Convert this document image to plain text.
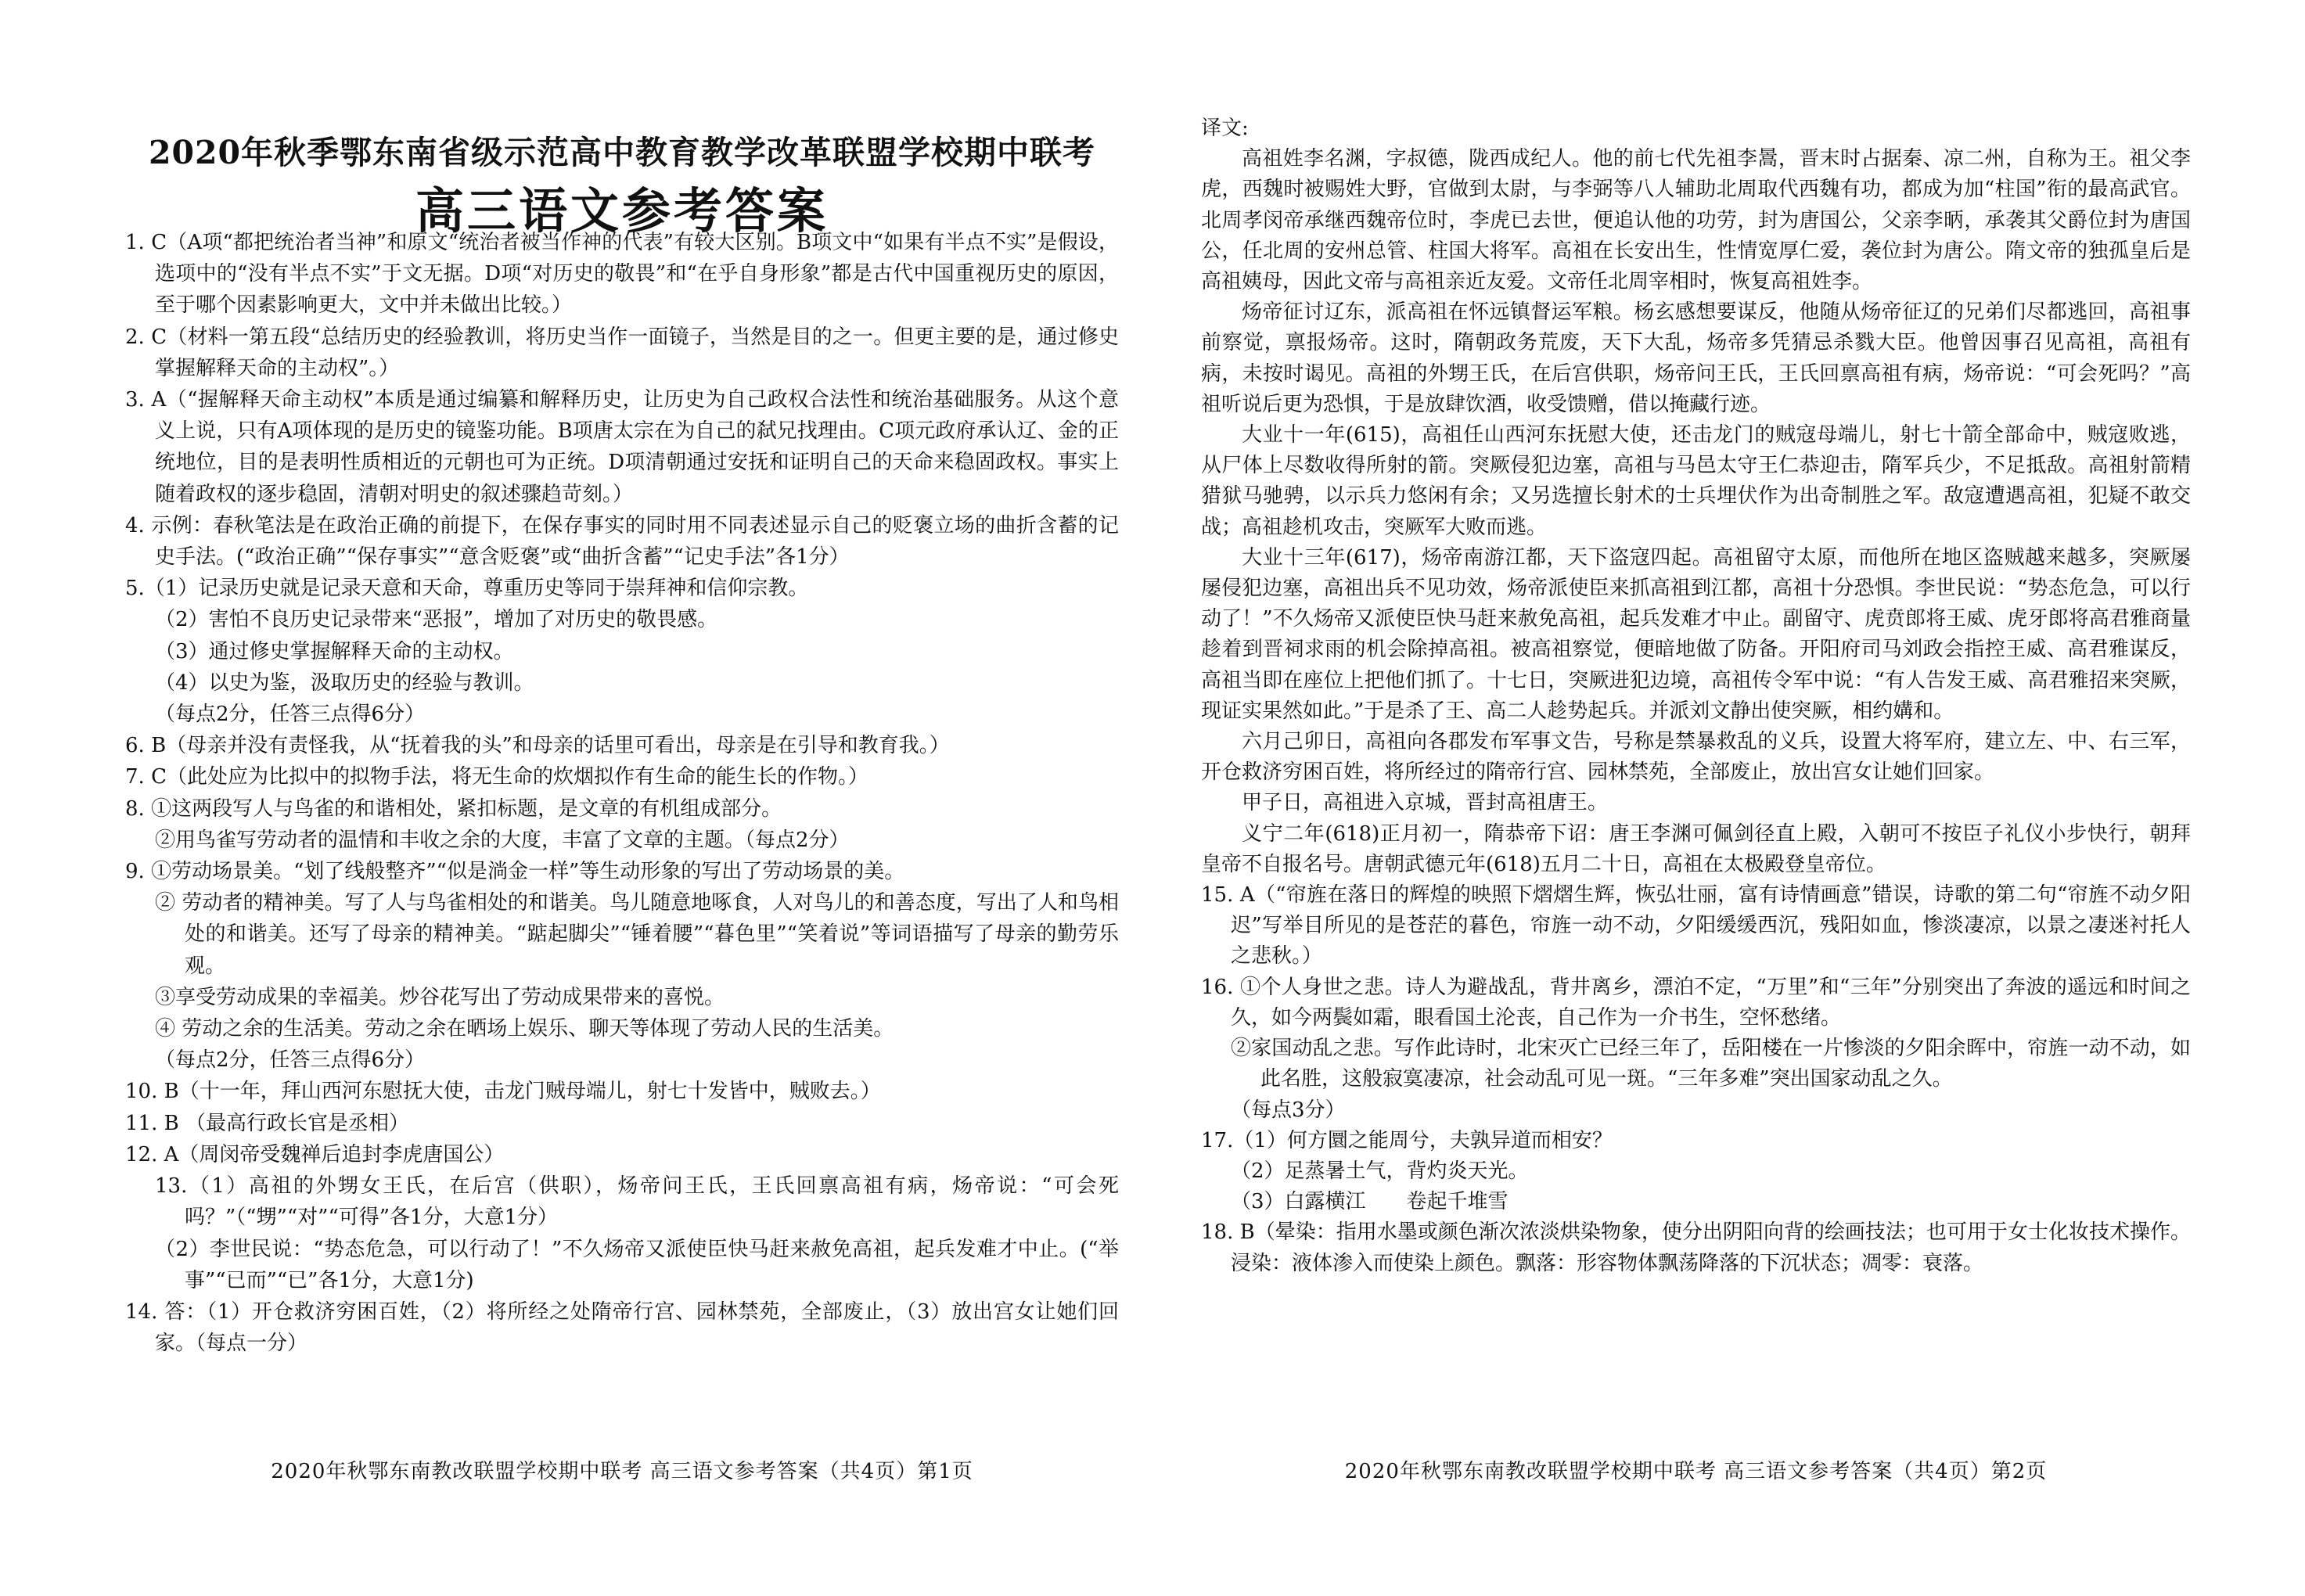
2020年秋季鄂东南省级示范高中教育教学改革联盟学校期中联考
高三语文参考答案

1. C（A项“都把统治者当神”和原文“统治者被当作神的代表”有较大区别。B项文中“如果有半点不实”是假设，选项中的“没有半点不实”于文无据。D项“对历史的敬畏”和“在乎自身形象”都是古代中国重视历史的原因，至于哪个因素影响更大，文中并未做出比较。）

2. C（材料一第五段“总结历史的经验教训，将历史当作一面镜子，当然是目的之一。但更主要的是，通过修史掌握解释天命的主动权”。）

3. A（“握解释天命主动权”本质是通过编纂和解释历史，让历史为自己政权合法性和统治基础服务。从这个意义上说，只有A项体现的是历史的镜鉴功能。B项唐太宗在为自己的弑兄找理由。C项元政府承认辽、金的正统地位，目的是表明性质相近的元朝也可为正统。D项清朝通过安抚和证明自己的天命来稳固政权。事实上随着政权的逐步稳固，清朝对明史的叙述骤趋苛刻。）

4. 示例：春秋笔法是在政治正确的前提下，在保存事实的同时用不同表述显示自己的贬褒立场的曲折含蓄的记史手法。(“政治正确”“保存事实”“意含贬褒”或“曲折含蓄”“记史手法”各1分）

5.（1）记录历史就是记录天意和天命，尊重历史等同于崇拜神和信仰宗教。

（2）害怕不良历史记录带来“恶报”，增加了对历史的敬畏感。

（3）通过修史掌握解释天命的主动权。

（4）以史为鉴，汲取历史的经验与教训。

（每点2分，任答三点得6分）

6. B（母亲并没有责怪我，从“抚着我的头”和母亲的话里可看出，母亲是在引导和教育我。）

7. C（此处应为比拟中的拟物手法，将无生命的炊烟拟作有生命的能生长的作物。）

8. ①这两段写人与鸟雀的和谐相处，紧扣标题，是文章的有机组成部分。

②用鸟雀写劳动者的温情和丰收之余的大度，丰富了文章的主题。（每点2分）

9. ①劳动场景美。“划了线般整齐”“似是淌金一样”等生动形象的写出了劳动场景的美。

② 劳动者的精神美。写了人与鸟雀相处的和谐美。鸟儿随意地啄食，人对鸟儿的和善态度，写出了人和鸟相处的和谐美。还写了母亲的精神美。“踮起脚尖”“锤着腰”“暮色里”“笑着说”等词语描写了母亲的勤劳乐观。

③享受劳动成果的幸福美。炒谷花写出了劳动成果带来的喜悦。

④ 劳动之余的生活美。劳动之余在晒场上娱乐、聊天等体现了劳动人民的生活美。

（每点2分，任答三点得6分）

10. B（十一年，拜山西河东慰抚大使，击龙门贼母端儿，射七十发皆中，贼败去。）

11. B （最高行政长官是丞相）

12. A（周闵帝受魏禅后追封李虎唐国公）

13.（1）高祖的外甥女王氏，在后宫（供职），炀帝问王氏，王氏回禀高祖有病，炀帝说：“可会死吗？”（“甥”“对”“可得”各1分，大意1分）

（2）李世民说：“势态危急，可以行动了！”不久炀帝又派使臣快马赶来赦免高祖，起兵发难才中止。(“举事”“已而”“已”各1分，大意1分)

14. 答：（1）开仓救济穷困百姓，（2）将所经之处隋帝行宫、园林禁苑，全部废止，（3）放出宫女让她们回家。（每点一分）

2020年秋鄂东南教改联盟学校期中联考 高三语文参考答案（共4页）第1页

译文:

高祖姓李名渊，字叔德，陇西成纪人。他的前七代先祖李暠，晋末时占据秦、凉二州，自称为王。祖父李虎，西魏时被赐姓大野，官做到太尉，与李弼等八人辅助北周取代西魏有功，都成为加“柱国”衔的最高武官。北周孝闵帝承继西魏帝位时，李虎已去世，便追认他的功劳，封为唐国公，父亲李昞，承袭其父爵位封为唐国公，任北周的安州总管、柱国大将军。高祖在长安出生，性情宽厚仁爱，袭位封为唐公。隋文帝的独孤皇后是高祖姨母，因此文帝与高祖亲近友爱。文帝任北周宰相时，恢复高祖姓李。

炀帝征讨辽东，派高祖在怀远镇督运军粮。杨玄感想要谋反，他随从炀帝征辽的兄弟们尽都逃回，高祖事前察觉，禀报炀帝。这时，隋朝政务荒废，天下大乱，炀帝多凭猜忌杀戮大臣。他曾因事召见高祖，高祖有病，未按时谒见。高祖的外甥王氏，在后宫供职，炀帝问王氏，王氏回禀高祖有病，炀帝说：“可会死吗？”高祖听说后更为恐惧，于是放肆饮酒，收受馈赠，借以掩藏行迹。

大业十一年(615)，高祖任山西河东抚慰大使，还击龙门的贼寇母端儿，射七十箭全部命中，贼寇败逃，从尸体上尽数收得所射的箭。突厥侵犯边塞，高祖与马邑太守王仁恭迎击，隋军兵少，不足抵敌。高祖射箭精猎狱马驰骋，以示兵力悠闲有余；又另选擅长射术的士兵埋伏作为出奇制胜之军。敌寇遭遇高祖，犯疑不敢交战；高祖趁机攻击，突厥军大败而逃。

大业十三年(617)，炀帝南游江都，天下盗寇四起。高祖留守太原，而他所在地区盗贼越来越多，突厥屡屡侵犯边塞，高祖出兵不见功效，炀帝派使臣来抓高祖到江都，高祖十分恐惧。李世民说：“势态危急，可以行动了！”不久炀帝又派使臣快马赶来赦免高祖，起兵发难才中止。副留守、虎贲郎将王威、虎牙郎将高君雅商量趁着到晋祠求雨的机会除掉高祖。被高祖察觉，便暗地做了防备。开阳府司马刘政会指控王威、高君雅谋反，高祖当即在座位上把他们抓了。十七日，突厥进犯边境，高祖传令军中说：“有人告发王威、高君雅招来突厥，现证实果然如此。”于是杀了王、高二人趁势起兵。并派刘文静出使突厥，相约媾和。

六月己卯日，高祖向各郡发布军事文告，号称是禁暴救乱的义兵，设置大将军府，建立左、中、右三军，开仓救济穷困百姓，将所经过的隋帝行宫、园林禁苑，全部废止，放出宫女让她们回家。

甲子日，高祖进入京城，晋封高祖唐王。

义宁二年(618)正月初一，隋恭帝下诏：唐王李渊可佩剑径直上殿，入朝可不按臣子礼仪小步快行，朝拜皇帝不自报名号。唐朝武德元年(618)五月二十日，高祖在太极殿登皇帝位。

15. A（“帘旌在落日的辉煌的映照下熠熠生辉，恢弘壮丽，富有诗情画意”错误，诗歌的第二句“帘旌不动夕阳迟”写举目所见的是苍茫的暮色，帘旌一动不动，夕阳缓缓西沉，残阳如血，惨淡凄凉，以景之凄迷衬托人之悲秋。）

16. ①个人身世之悲。诗人为避战乱，背井离乡，漂泊不定，“万里”和“三年”分别突出了奔波的遥远和时间之久，如今两鬓如霜，眼看国土沦丧，自己作为一介书生，空怀愁绪。

②家国动乱之悲。写作此诗时，北宋灭亡已经三年了，岳阳楼在一片惨淡的夕阳余晖中，帘旌一动不动，如此名胜，这般寂寞凄凉，社会动乱可见一斑。“三年多难”突出国家动乱之久。

（每点3分）

17.（1）何方圜之能周兮，夫孰异道而相安？

（2）足蒸暑土气，背灼炎天光。

（3）白露横江　　卷起千堆雪

18. B（晕染：指用水墨或颜色渐次浓淡烘染物象，使分出阴阳向背的绘画技法；也可用于女士化妆技术操作。浸染：液体渗入而使染上颜色。飘落：形容物体飘荡降落的下沉状态；凋零：衰落。

2020年秋鄂东南教改联盟学校期中联考 高三语文参考答案（共4页）第2页
